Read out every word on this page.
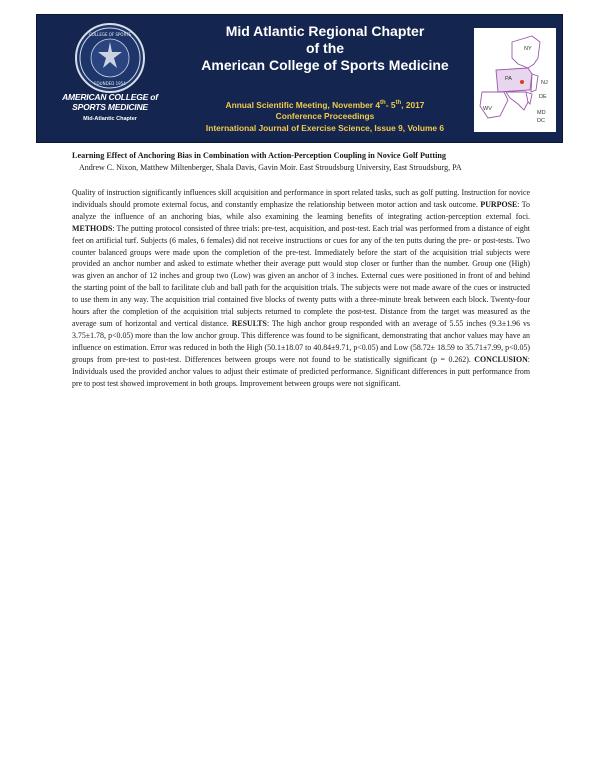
COLLEGE OF SPORTS
FOUNDED 1954
AMERICAN COLLEGE of SPORTS MEDICINE
Mid-Atlantic Chapter
Mid Atlantic Regional Chapter
of the
American College of Sports Medicine
Annual Scientific Meeting, November 4th- 5th, 2017
Conference Proceedings
International Journal of Exercise Science, Issue 9, Volume 6
NY
PA
NJ
DE
MD
DC
WV
Learning Effect of Anchoring Bias in Combination with Action-Perception Coupling in Novice Golf Putting
Andrew C. Nixon, Matthew Miltenberger, Shala Davis, Gavin Moir. East Stroudsburg University, East Stroudsburg, PA

Quality of instruction significantly influences skill acquisition and performance in sport related tasks, such as golf putting. Instruction for novice individuals should promote external focus, and constantly emphasize the relationship between motor action and task outcome. PURPOSE: To analyze the influence of an anchoring bias, while also examining the learning benefits of integrating action-perception external foci. METHODS: The putting protocol consisted of three trials: pre-test, acquisition, and post-test. Each trial was performed from a distance of eight feet on artificial turf. Subjects (6 males, 6 females) did not receive instructions or cues for any of the ten putts during the pre- or post-tests. Two counter balanced groups were made upon the completion of the pre-test. Immediately before the start of the acquisition trial subjects were provided an anchor number and asked to estimate whether their average putt would stop closer or further than the number. Group one (High) was given an anchor of 12 inches and group two (Low) was given an anchor of 3 inches. External cues were positioned in front of and behind the starting point of the ball to facilitate club and ball path for the acquisition trials. The subjects were not made aware of the cues or instructed to use them in any way. The acquisition trial contained five blocks of twenty putts with a three-minute break between each block. Twenty-four hours after the completion of the acquisition trial subjects returned to complete the post-test. Distance from the target was measured as the average sum of horizontal and vertical distance. RESULTS: The high anchor group responded with an average of 5.55 inches (9.3±1.96 vs 3.75±1.78, p<0.05) more than the low anchor group. This difference was found to be significant, demonstrating that anchor values may have an influence on estimation. Error was reduced in both the High (50.1±18.07 to 40.84±9.71, p<0.05) and Low (58.72± 18.59 to 35.71±7.99, p<0.05) groups from pre-test to post-test. Differences between groups were not found to be statistically significant (p = 0.262). CONCLUSION: Individuals used the provided anchor values to adjust their estimate of predicted performance. Significant differences in putt performance from pre to post test showed improvement in both groups. Improvement between groups were not significant.
